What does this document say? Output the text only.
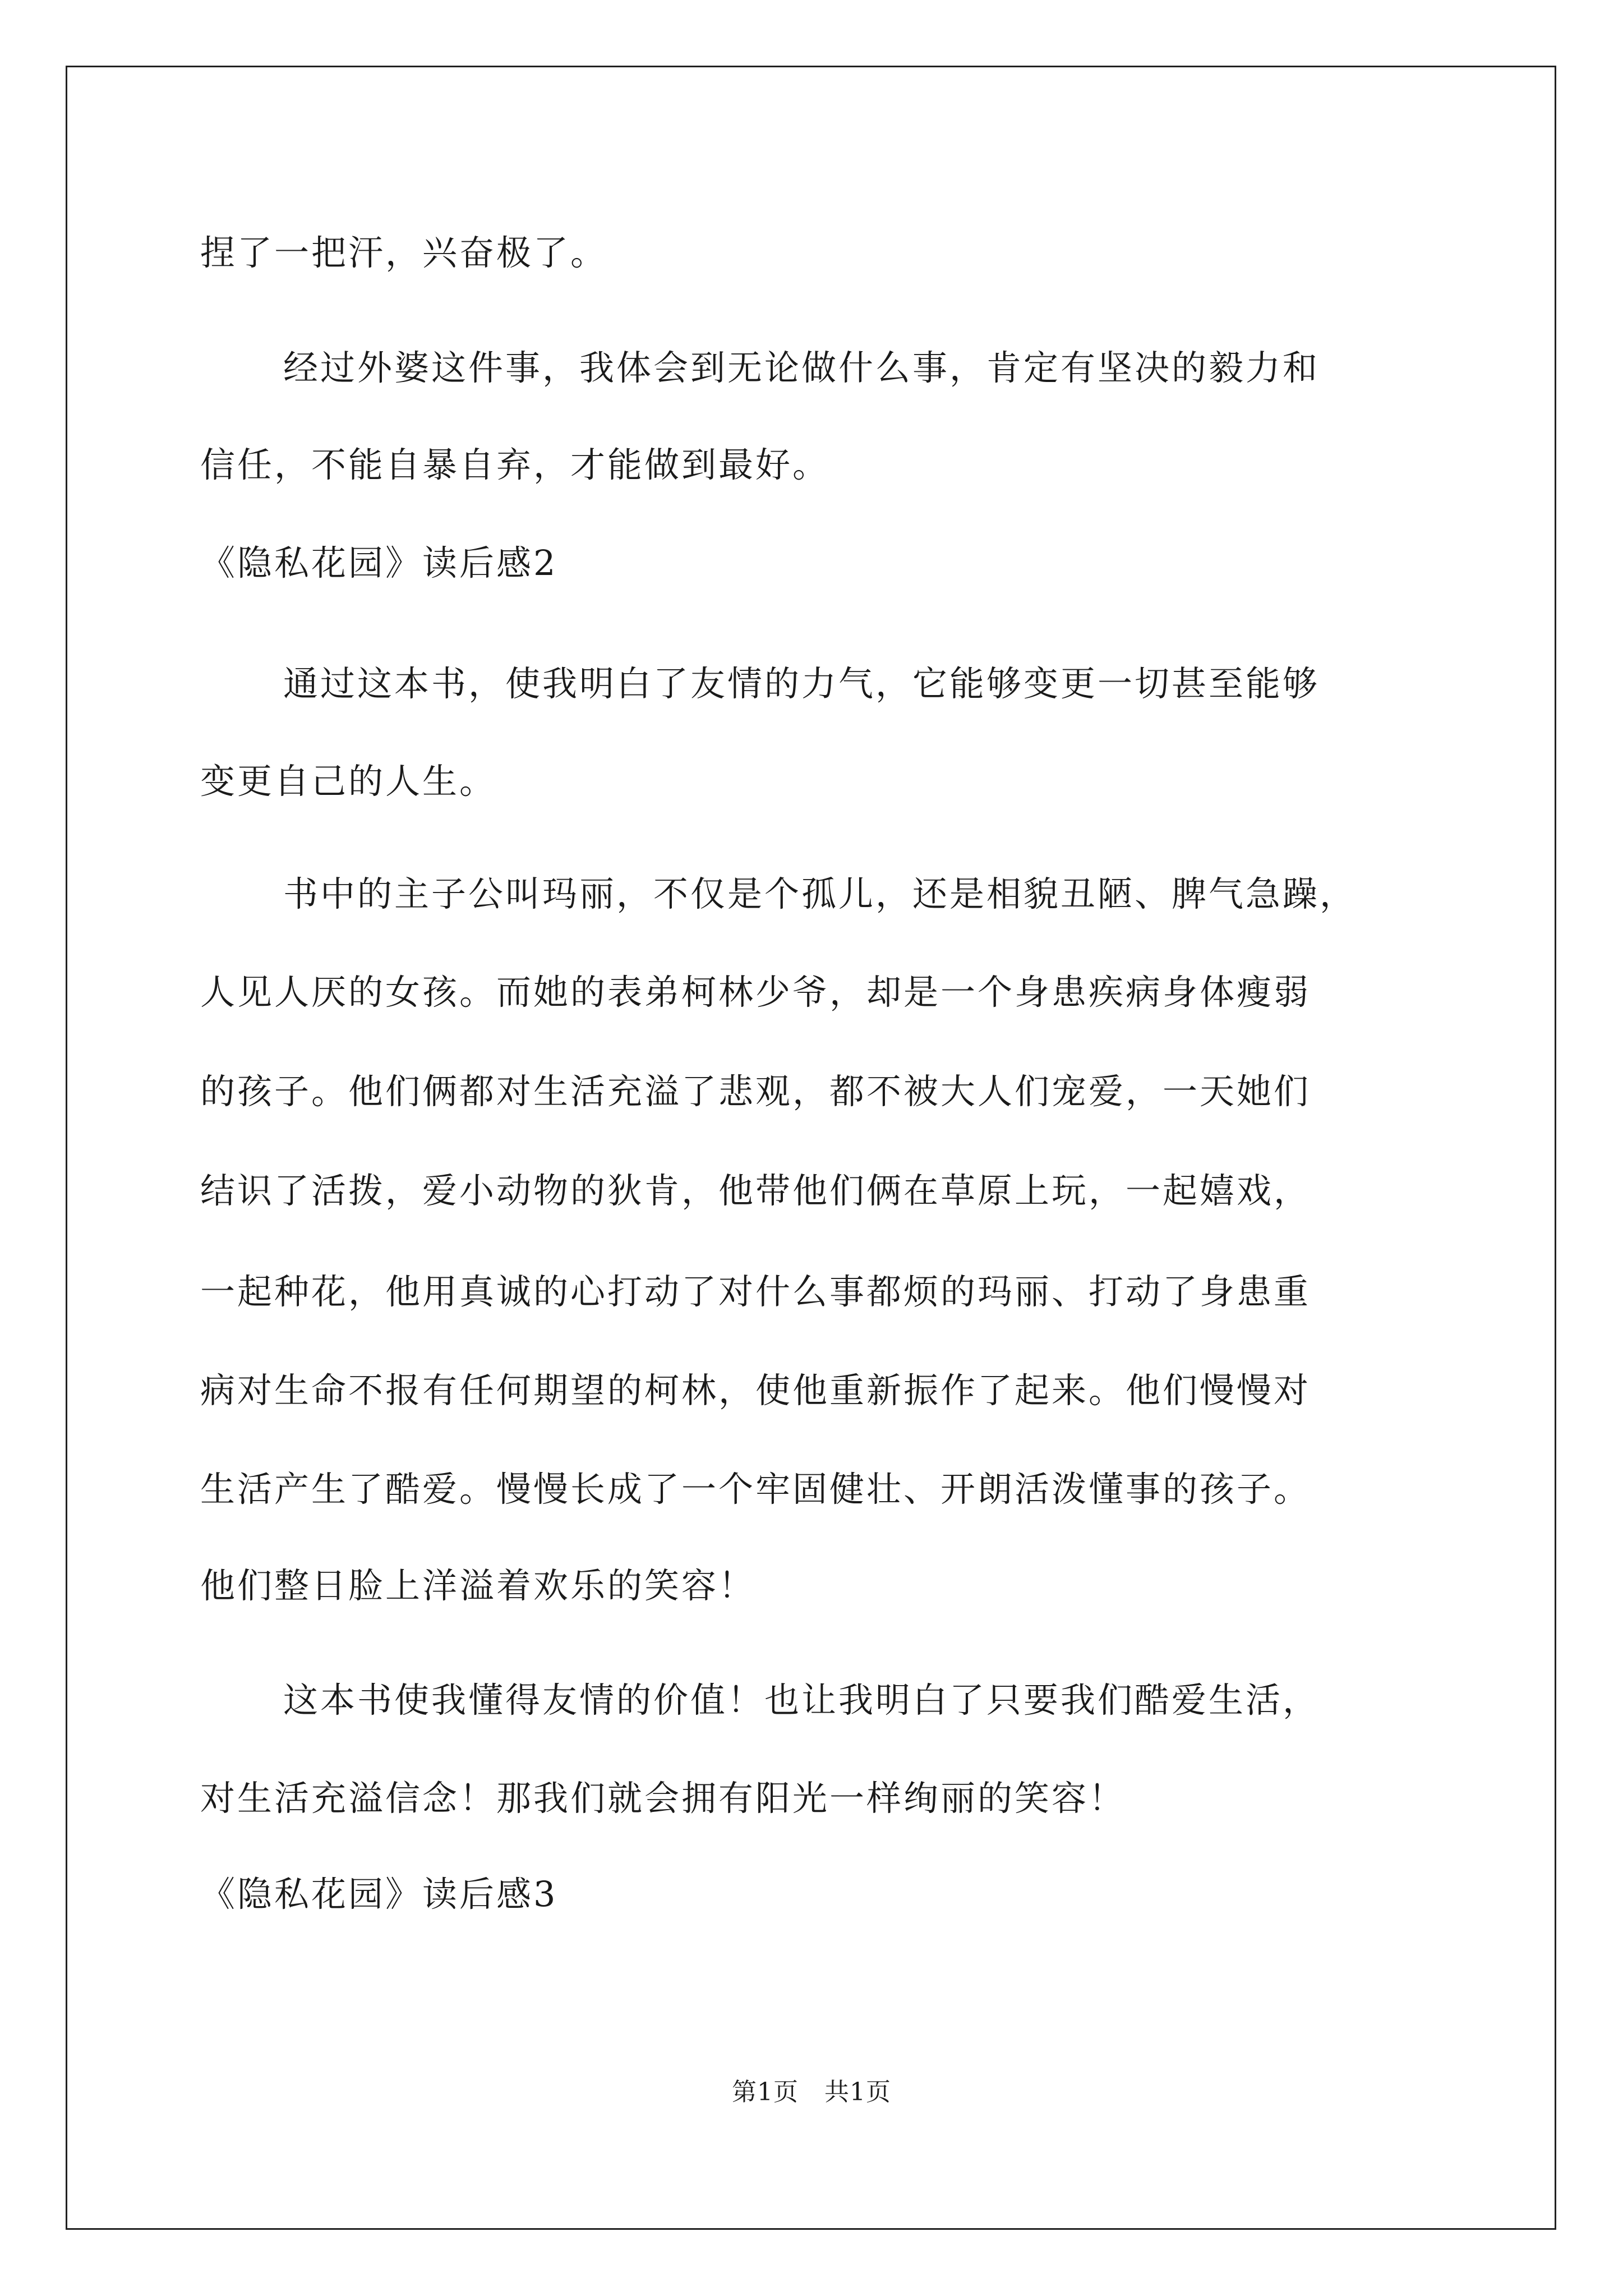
捏了一把汗，兴奋极了。

经过外婆这件事，我体会到无论做什么事，肯定有坚决的毅力和

信任，不能自暴自弃，才能做到最好。

《隐私花园》读后感2

通过这本书，使我明白了友情的力气，它能够变更一切甚至能够

变更自己的人生。

书中的主子公叫玛丽，不仅是个孤儿，还是相貌丑陋、脾气急躁，

人见人厌的女孩。而她的表弟柯林少爷，却是一个身患疾病身体瘦弱

的孩子。他们俩都对生活充溢了悲观，都不被大人们宠爱，一天她们

结识了活拨，爱小动物的狄肯，他带他们俩在草原上玩，一起嬉戏，

一起种花，他用真诚的心打动了对什么事都烦的玛丽、打动了身患重

病对生命不报有任何期望的柯林，使他重新振作了起来。他们慢慢对

生活产生了酷爱。慢慢长成了一个牢固健壮、开朗活泼懂事的孩子。

他们整日脸上洋溢着欢乐的笑容！

这本书使我懂得友情的价值！也让我明白了只要我们酷爱生活，

对生活充溢信念！那我们就会拥有阳光一样绚丽的笑容！

《隐私花园》读后感3

第1页 共1页
